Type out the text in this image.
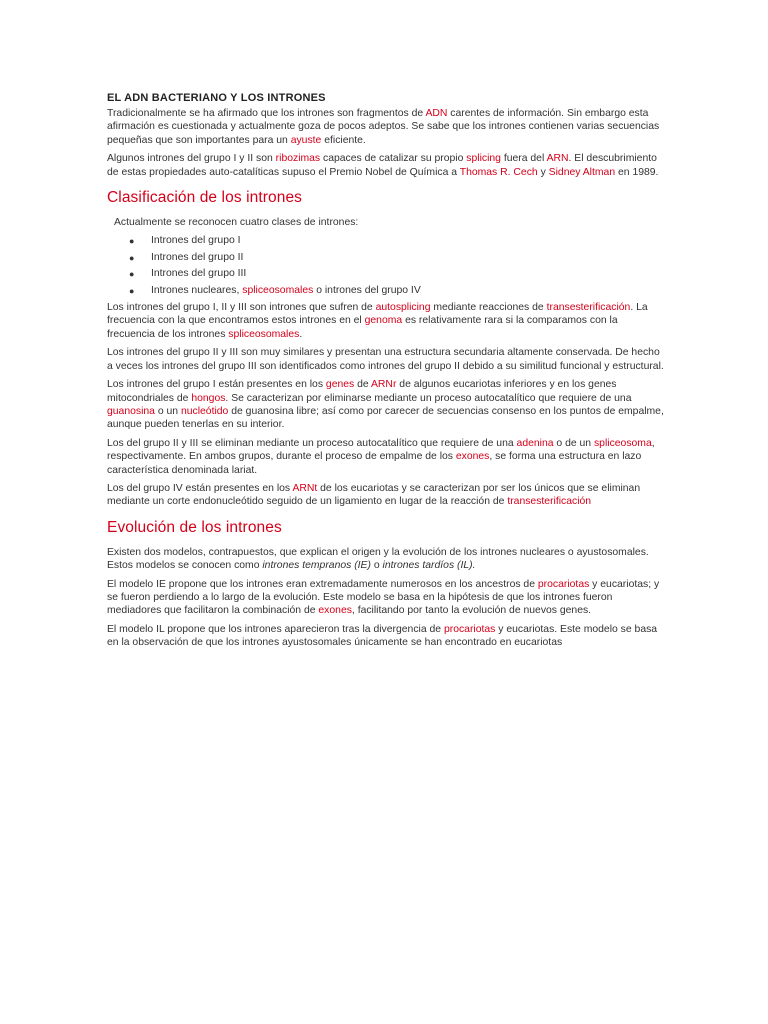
EL ADN BACTERIANO Y LOS INTRONES

Tradicionalmente se ha afirmado que los intrones son fragmentos de ADN carentes de información. Sin embargo esta afirmación es cuestionada y actualmente goza de pocos adeptos. Se sabe que los intrones contienen varias secuencias pequeñas que son importantes para un ayuste eficiente.

Algunos intrones del grupo I y II son ribozimas capaces de catalizar su propio splicing fuera del ARN. El descubrimiento de estas propiedades auto-catalíticas supuso el Premio Nobel de Química a Thomas R. Cech y Sidney Altman en 1989.

Clasificación de los intrones
Actualmente se reconocen cuatro clases de intrones:
● Intrones del grupo I
● Intrones del grupo II
● Intrones del grupo III
● Intrones nucleares, spliceosomales o intrones del grupo IV

Los intrones del grupo I, II y III son intrones que sufren de autosplicing mediante reacciones de transesterificación. La frecuencia con la que encontramos estos intrones en el genoma es relativamente rara si la comparamos con la frecuencia de los intrones spliceosomales.

Los intrones del grupo II y III son muy similares y presentan una estructura secundaria altamente conservada. De hecho a veces los intrones del grupo III son identificados como intrones del grupo II debido a su similitud funcional y estructural.

Los intrones del grupo I están presentes en los genes de ARNr de algunos eucariotas inferiores y en los genes mitocondriales de hongos. Se caracterizan por eliminarse mediante un proceso autocatalítico que requiere de una guanosina o un nucleótido de guanosina libre; así como por carecer de secuencias consenso en los puntos de empalme, aunque pueden tenerlas en su interior.

Los del grupo II y III se eliminan mediante un proceso autocatalítico que requiere de una adenina o de un spliceosoma, respectivamente. En ambos grupos, durante el proceso de empalme de los exones, se forma una estructura en lazo característica denominada lariat.

Los del grupo IV están presentes en los ARNt de los eucariotas y se caracterizan por ser los únicos que se eliminan mediante un corte endonucleótido seguido de un ligamiento en lugar de la reacción de transesterificación

Evolución de los intrones

Existen dos modelos, contrapuestos, que explican el origen y la evolución de los intrones nucleares o ayustosomales. Estos modelos se conocen como intrones tempranos (IE) o intrones tardíos (IL).

El modelo IE propone que los intrones eran extremadamente numerosos en los ancestros de procariotas y eucariotas; y se fueron perdiendo a lo largo de la evolución. Este modelo se basa en la hipótesis de que los intrones fueron mediadores que facilitaron la combinación de exones, facilitando por tanto la evolución de nuevos genes.

El modelo IL propone que los intrones aparecieron tras la divergencia de procariotas y eucariotas. Este modelo se basa en la observación de que los intrones ayustosomales únicamente se han encontrado en eucariotas
